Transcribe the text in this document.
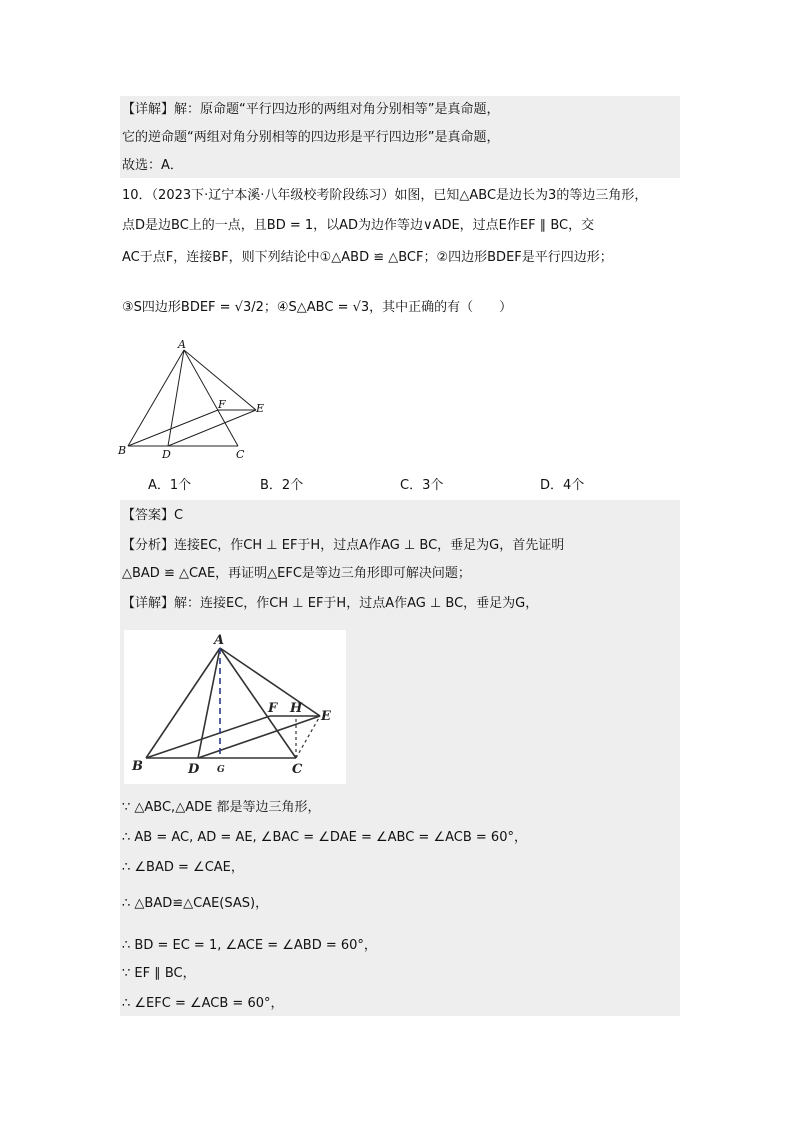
【详解】解：原命题“平行四边形的两组对角分别相等”是真命题，
它的逆命题“两组对角分别相等的四边形是平行四边形”是真命题，
故选：A．
10．（2023下·辽宁本溪·八年级校考阶段练习）如图，已知△ABC是边长为3的等边三角形，
点D是边BC上的一点，且BD = 1，以AD为边作等边∨ADE，过点E作EF ∥ BC，交
AC于点F，连接BF，则下列结论中①△ABD ≌ △BCF；②四边形BDEF是平行四边形；
③S四边形BDEF = √3/2；④S△ABC = √3，其中正确的有（　　）
A
B	C
D
E
F
A．1个	B．2个	C．3个	D．4个
【答案】C
【分析】连接EC，作CH ⊥ EF于H，过点A作AG ⊥ BC，垂足为G，首先证明
△BAD ≌ △CAE，再证明△EFC是等边三角形即可解决问题；
【详解】解：连接EC，作CH ⊥ EF于H，过点A作AG ⊥ BC，垂足为G，
A
B	C
D
E
F H
G
∵ △ABC,△ADE 都是等边三角形，
∴ AB = AC, AD = AE, ∠BAC = ∠DAE = ∠ABC = ∠ACB = 60°，
∴ ∠BAD = ∠CAE，
∴ △BAD≌△CAE(SAS)，
∴ BD = EC = 1, ∠ACE = ∠ABD = 60°，
∵ EF ∥ BC，
∴ ∠EFC = ∠ACB = 60°，
